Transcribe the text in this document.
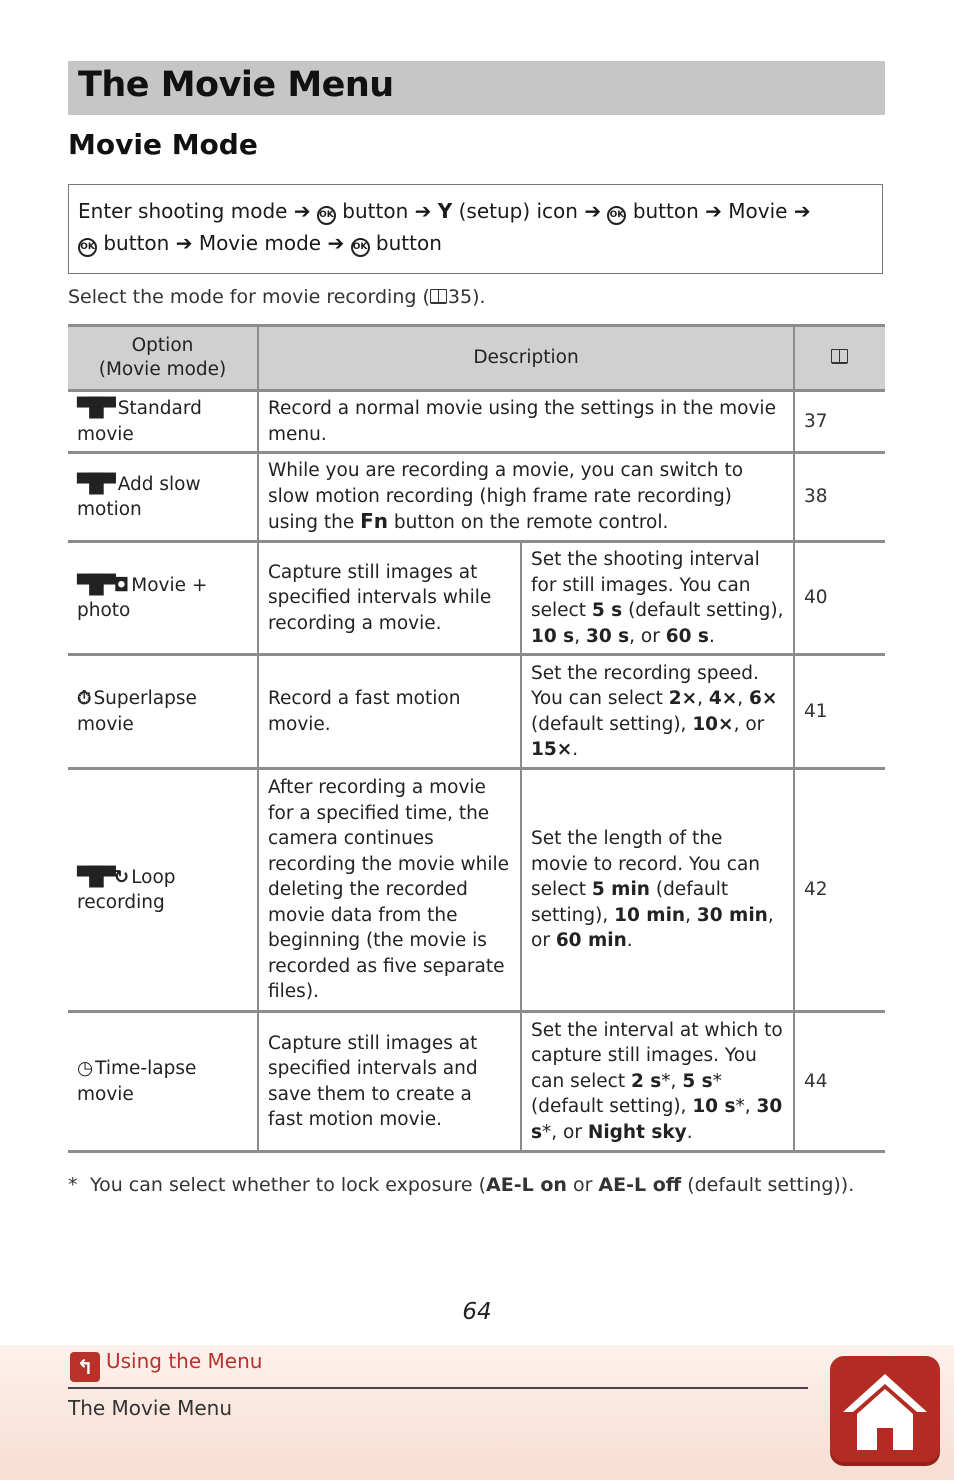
The Movie Menu
Movie Mode
Enter shooting mode ➔ OK button ➔ Y (setup) icon ➔ OK button ➔ Movie ➔
OK button ➔ Movie mode ➔ OK button
Select the mode for movie recording ( 35).
Option
(Movie mode)	Description		
▀█▀ Standard movie	Record a normal movie using the settings in the movie menu.		37
▀█▀ Add slow motion	While you are recording a movie, you can switch to slow motion recording (high frame rate recording) using the Fn button on the remote control.		38
▀█▀◘ Movie + photo	Capture still images at specified intervals while recording a movie.	Set the shooting interval for still images. You can select 5 s (default setting), 10 s, 30 s, or 60 s.	40
⏱ Superlapse movie	Record a fast motion movie.	Set the recording speed. You can select 2×, 4×, 6× (default setting), 10×, or 15×.	41
▀█▀↻ Loop recording	After recording a movie for a specified time, the camera continues recording the movie while deleting the recorded movie data from the beginning (the movie is recorded as five separate files).	Set the length of the movie to record. You can select 5 min (default setting), 10 min, 30 min, or 60 min.	42
◷ Time-lapse movie	Capture still images at specified intervals and save them to create a fast motion movie.	Set the interval at which to capture still images. You can select 2 s*, 5 s* (default setting), 10 s*, 30 s*, or Night sky.	44
* You can select whether to lock exposure (AE-L on or AE-L off (default setting)).
64
↰ Using the Menu
The Movie Menu
